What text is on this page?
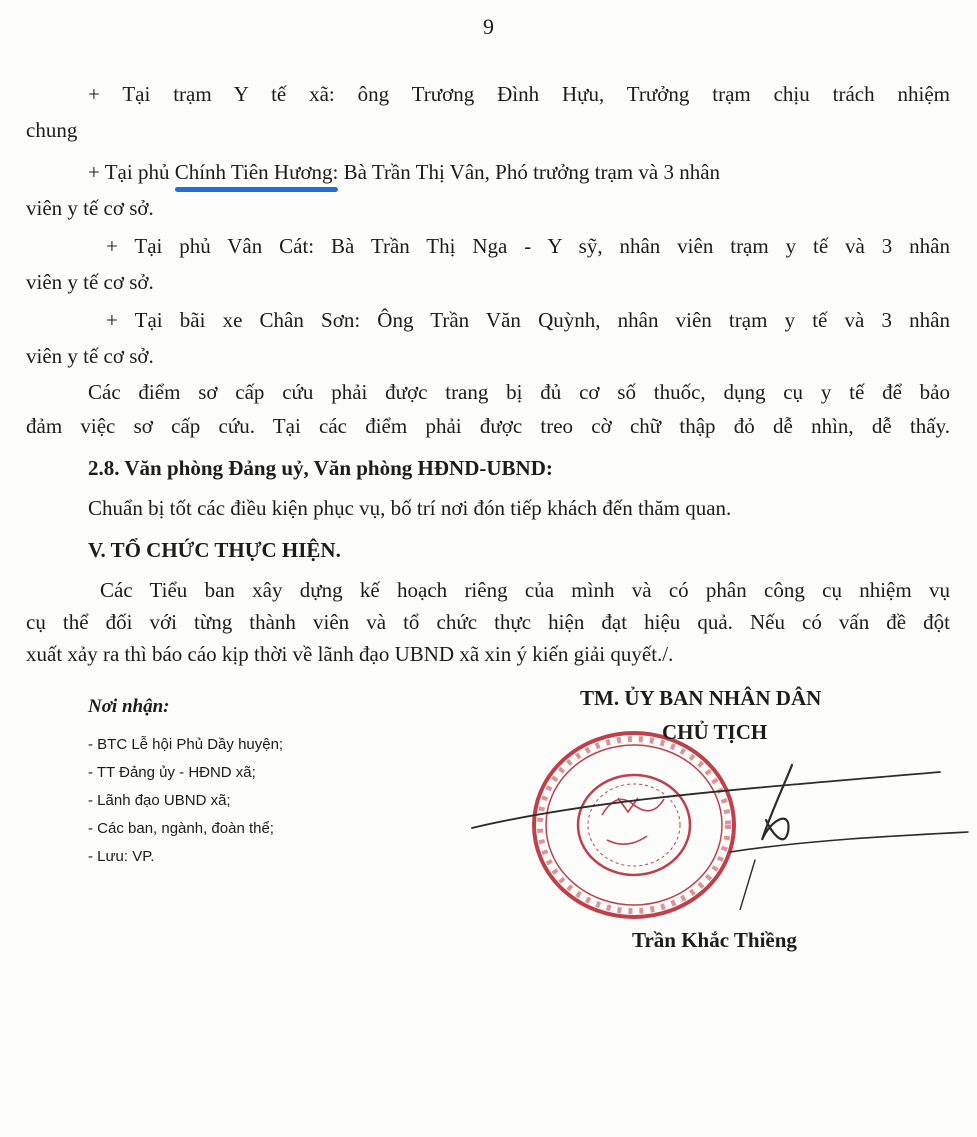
9
+ Tại trạm Y tế xã: ông Trương Đình Hựu, Trưởng trạm chịu trách nhiệm
chung
+ Tại phủ Chính Tiên Hương:
Bà Trần Thị Vân, Phó trưởng trạm và 3 nhân
viên y tế cơ sở.
+ Tại phủ Vân Cát: Bà Trần Thị Nga - Y sỹ, nhân viên trạm y tế và 3 nhân
viên y tế cơ sở.
+ Tại bãi xe Chân Sơn: Ông Trần Văn Quỳnh, nhân viên trạm y tế và 3 nhân
viên y tế cơ sở.
Các điểm sơ cấp cứu phải được trang bị đủ cơ số thuốc, dụng cụ y tế để bảo
đảm việc sơ cấp cứu. Tại các điểm phải được treo cờ chữ thập đỏ dễ nhìn, dễ thấy.
2.8. Văn phòng Đảng uỷ, Văn phòng HĐND-UBND:
Chuẩn bị tốt các điều kiện phục vụ, bố trí nơi đón tiếp khách đến thăm quan.
V. TỔ CHỨC THỰC HIỆN.
Các Tiểu ban xây dựng kế hoạch riêng của mình và có phân công cụ nhiệm vụ
cụ thể đối với từng thành viên và tổ chức thực hiện đạt hiệu quả. Nếu có vấn đề đột
xuất xảy ra thì báo cáo kịp thời về lãnh đạo UBND xã xin ý kiến giải quyết./.
Nơi nhận:
- BTC Lễ hội Phủ Dầy huyện;
- TT Đảng ủy - HĐND xã;
- Lãnh đạo UBND xã;
- Các ban, ngành, đoàn thể;
- Lưu: VP.
TM. ỦY BAN NHÂN DÂN
CHỦ TỊCH
Trần Khắc Thiềng
